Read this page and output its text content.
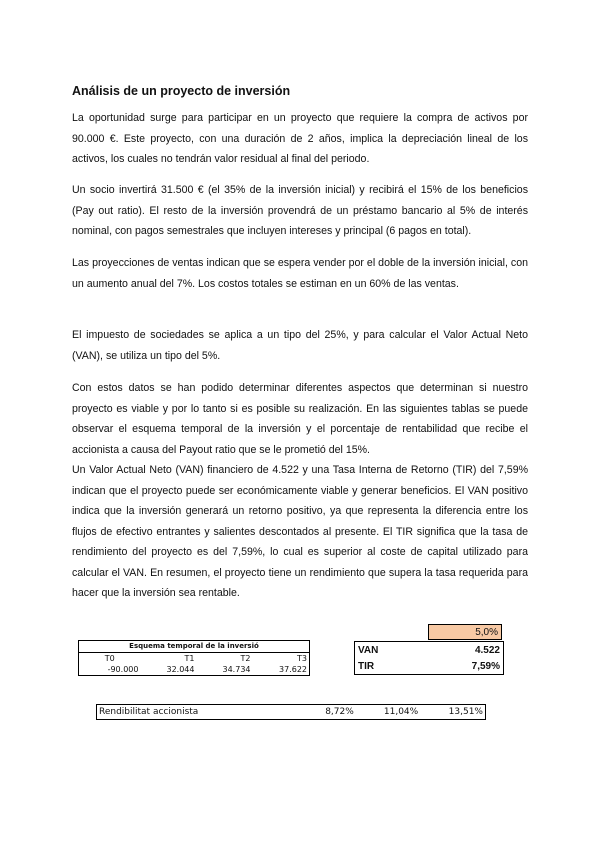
Análisis de un proyecto de inversión

La oportunidad surge para participar en un proyecto que requiere la compra de activos por 90.000 €. Este proyecto, con una duración de 2 años, implica la depreciación lineal de los activos, los cuales no tendrán valor residual al final del periodo.

Un socio invertirá 31.500 € (el 35% de la inversión inicial) y recibirá el 15% de los beneficios (Pay out ratio). El resto de la inversión provendrá de un préstamo bancario al 5% de interés nominal, con pagos semestrales que incluyen intereses y principal (6 pagos en total).

Las proyecciones de ventas indican que se espera vender por el doble de la inversión inicial, con un aumento anual del 7%. Los costos totales se estiman en un 60% de las ventas.

El impuesto de sociedades se aplica a un tipo del 25%, y para calcular el Valor Actual Neto (VAN), se utiliza un tipo del 5%.

Con estos datos se han podido determinar diferentes aspectos que determinan si nuestro proyecto es viable y por lo tanto si es posible su realización. En las siguientes tablas se puede observar el esquema temporal de la inversión y el porcentaje de rentabilidad que recibe el accionista a causa del Payout ratio que se le prometió del 15%.
Un Valor Actual Neto (VAN) financiero de 4.522 y una Tasa Interna de Retorno (TIR) del 7,59% indican que el proyecto puede ser económicamente viable y generar beneficios. El VAN positivo indica que la inversión generará un retorno positivo, ya que representa la diferencia entre los flujos de efectivo entrantes y salientes descontados al presente. El TIR significa que la tasa de rendimiento del proyecto es del 7,59%, lo cual es superior al coste de capital utilizado para calcular el VAN. En resumen, el proyecto tiene un rendimiento que supera la tasa requerida para hacer que la inversión sea rentable.
Esquema temporal de la inversió			
T0	T1	T2	T3
-90.000	32.044	34.734	37.622
5,0%
VAN	4.522
TIR	7,59%
Rendibilitat accionista	8,72%	11,04%	13,51%
